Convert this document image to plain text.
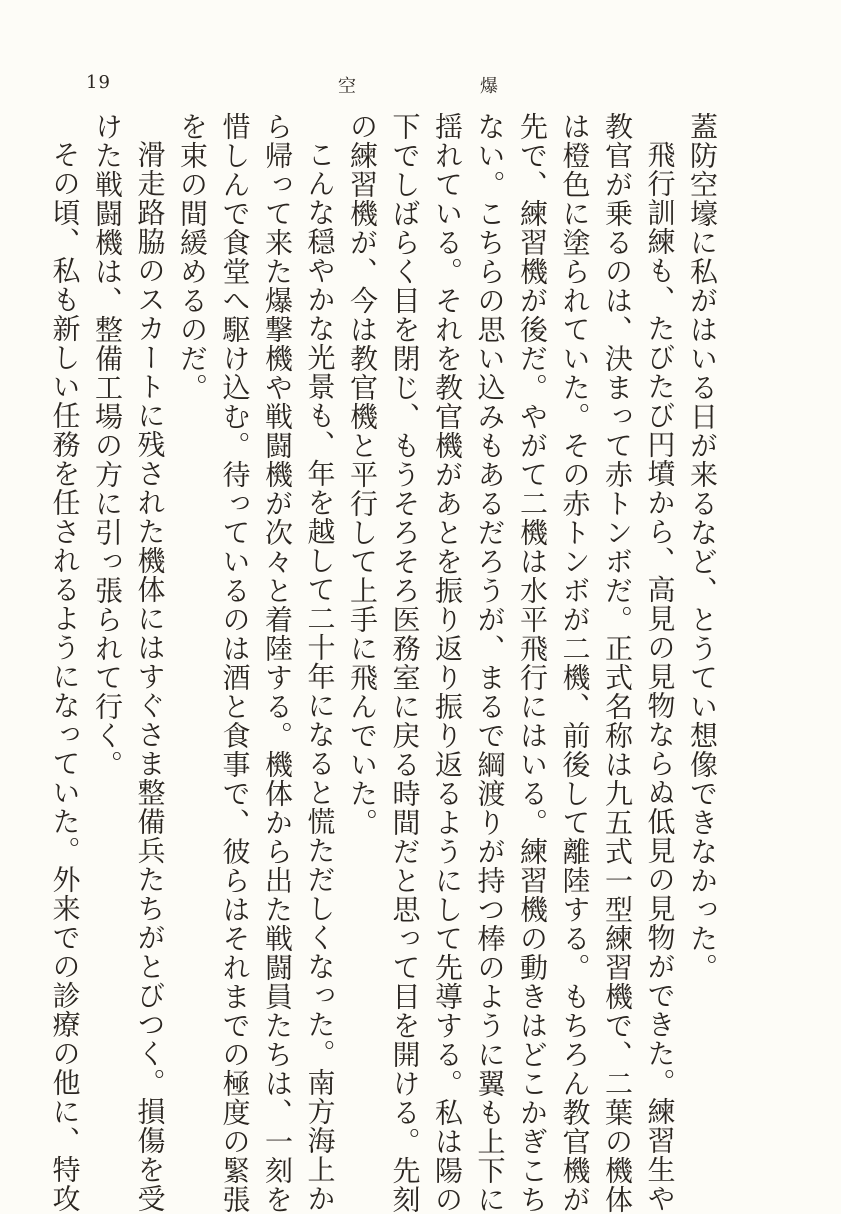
19	空	爆
蓋防空壕に私がはいる日が来るなど、とうてい想像できなかった。
飛行訓練も、たびたび円墳から、高見の見物ならぬ低見の見物ができた。練習生や
教官が乗るのは、決まって赤トンボだ。正式名称は九五式一型練習機で、二葉の機体
は橙色に塗られていた。その赤トンボが二機、前後して離陸する。もちろん教官機が
先で、練習機が後だ。やがて二機は水平飛行にはいる。練習機の動きはどこかぎこち
ない。こちらの思い込みもあるだろうが、まるで綱渡りが持つ棒のように翼も上下に
揺れている。それを教官機があとを振り返り振り返るようにして先導する。私は陽の
下でしばらく目を閉じ、もうそろそろ医務室に戻る時間だと思って目を開ける。先刻
の練習機が、今は教官機と平行して上手に飛んでいた。
こんな穏やかな光景も、年を越して二十年になると慌ただしくなった。南方海上か
ら帰って来た爆撃機や戦闘機が次々と着陸する。機体から出た戦闘員たちは、一刻を
惜しんで食堂へ駆け込む。待っているのは酒と食事で、彼らはそれまでの極度の緊張
を束の間緩めるのだ。
滑走路脇のスカートに残された機体にはすぐさま整備兵たちがとびつく。損傷を受
けた戦闘機は、整備工場の方に引っ張られて行く。
その頃、私も新しい任務を任されるようになっていた。外来での診療の他に、特攻
